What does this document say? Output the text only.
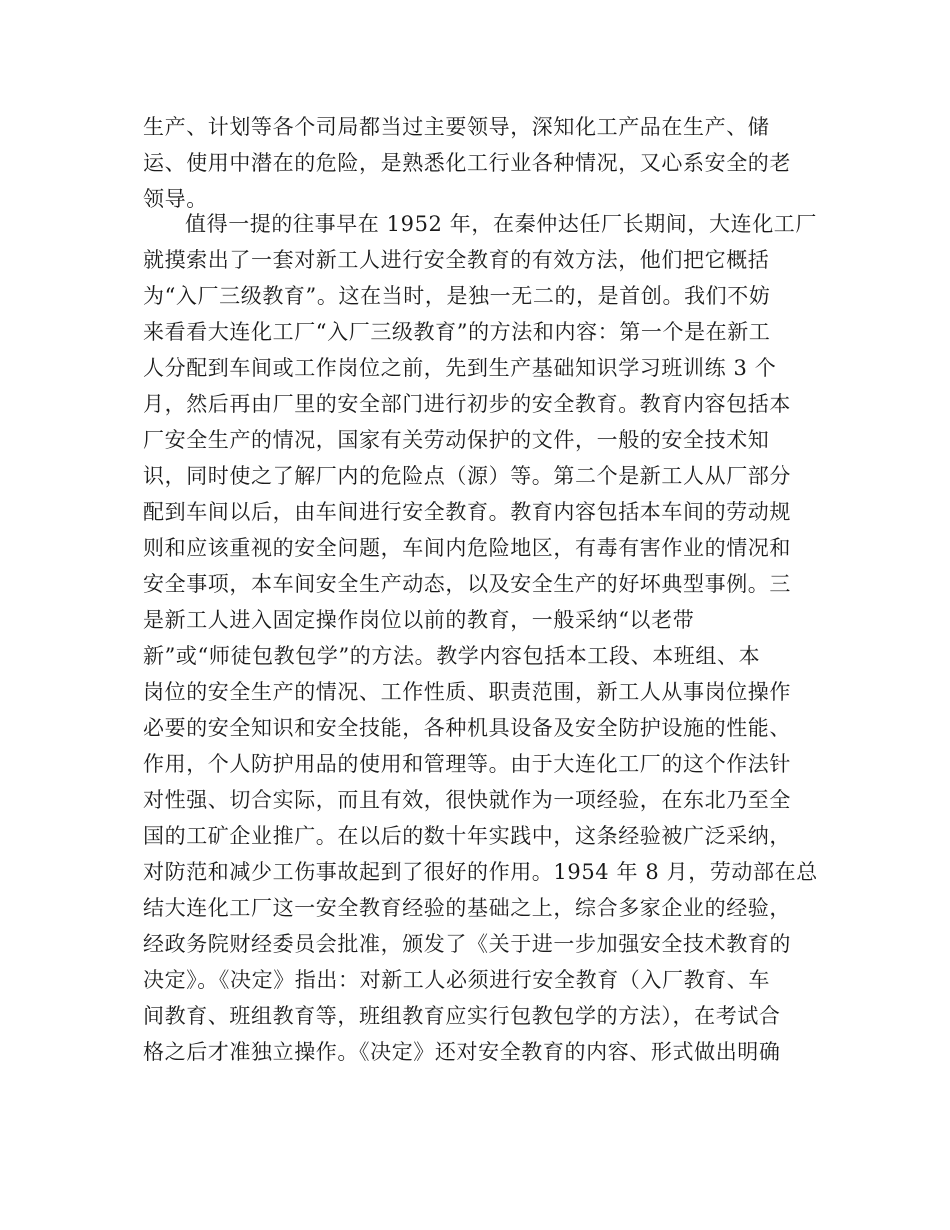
生产、计划等各个司局都当过主要领导，深知化工产品在生产、储
运、使用中潜在的危险，是熟悉化工行业各种情况，又心系安全的老
领导。
值得一提的往事早在 1952 年，在秦仲达任厂长期间，大连化工厂
就摸索出了一套对新工人进行安全教育的有效方法，他们把它概括
为“入厂三级教育”。这在当时，是独一无二的，是首创。我们不妨
来看看大连化工厂“入厂三级教育”的方法和内容：第一个是在新工
人分配到车间或工作岗位之前，先到生产基础知识学习班训练 3 个
月，然后再由厂里的安全部门进行初步的安全教育。教育内容包括本
厂安全生产的情况，国家有关劳动保护的文件，一般的安全技术知
识，同时使之了解厂内的危险点（源）等。第二个是新工人从厂部分
配到车间以后，由车间进行安全教育。教育内容包括本车间的劳动规
则和应该重视的安全问题，车间内危险地区，有毒有害作业的情况和
安全事项，本车间安全生产动态，以及安全生产的好坏典型事例。三
是新工人进入固定操作岗位以前的教育，一般采纳“以老带
新”或“师徒包教包学”的方法。教学内容包括本工段、本班组、本
岗位的安全生产的情况、工作性质、职责范围，新工人从事岗位操作
必要的安全知识和安全技能，各种机具设备及安全防护设施的性能、
作用，个人防护用品的使用和管理等。由于大连化工厂的这个作法针
对性强、切合实际，而且有效，很快就作为一项经验，在东北乃至全
国的工矿企业推广。在以后的数十年实践中，这条经验被广泛采纳，
对防范和减少工伤事故起到了很好的作用。1954 年 8 月，劳动部在总
结大连化工厂这一安全教育经验的基础之上，综合多家企业的经验，
经政务院财经委员会批准，颁发了《关于进一步加强安全技术教育的
决定》。《决定》指出：对新工人必须进行安全教育（入厂教育、车
间教育、班组教育等，班组教育应实行包教包学的方法），在考试合
格之后才准独立操作。《决定》还对安全教育的内容、形式做出明确
